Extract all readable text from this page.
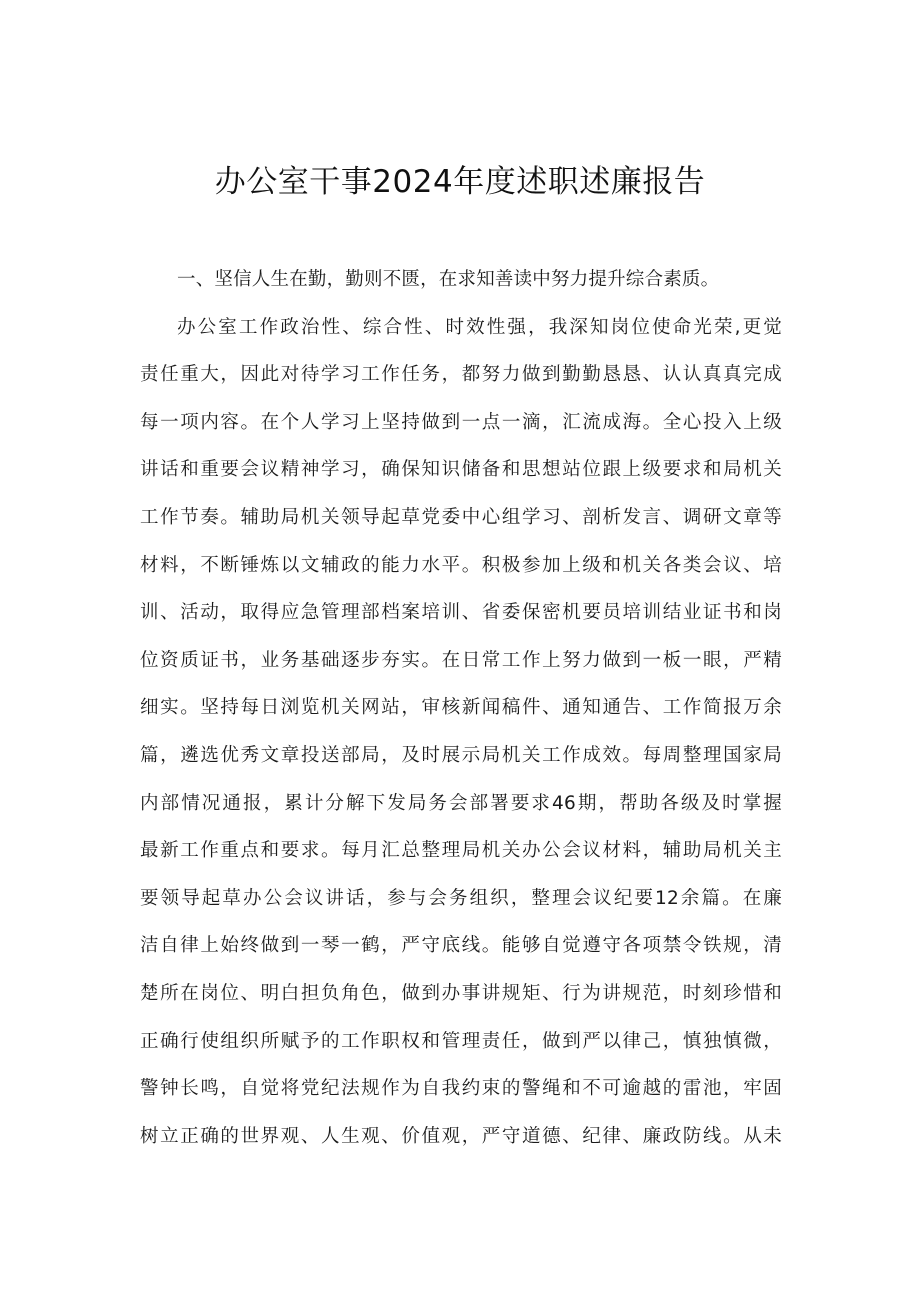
办公室干事2024年度述职述廉报告
一、坚信人生在勤，勤则不匮，在求知善读中努力提升综合素质。
办公室工作政治性、综合性、时效性强，我深知岗位使命光荣,更觉
责任重大，因此对待学习工作任务，都努力做到勤勤恳恳、认认真真完成
每一项内容。在个人学习上坚持做到一点一滴，汇流成海。全心投入上级
讲话和重要会议精神学习，确保知识储备和思想站位跟上级要求和局机关
工作节奏。辅助局机关领导起草党委中心组学习、剖析发言、调研文章等
材料，不断锤炼以文辅政的能力水平。积极参加上级和机关各类会议、培
训、活动，取得应急管理部档案培训、省委保密机要员培训结业证书和岗
位资质证书，业务基础逐步夯实。在日常工作上努力做到一板一眼，严精
细实。坚持每日浏览机关网站，审核新闻稿件、通知通告、工作简报万余
篇，遴选优秀文章投送部局，及时展示局机关工作成效。每周整理国家局
内部情况通报，累计分解下发局务会部署要求46期，帮助各级及时掌握
最新工作重点和要求。每月汇总整理局机关办公会议材料，辅助局机关主
要领导起草办公会议讲话，参与会务组织，整理会议纪要12余篇。在廉
洁自律上始终做到一琴一鹤，严守底线。能够自觉遵守各项禁令铁规，清
楚所在岗位、明白担负角色，做到办事讲规矩、行为讲规范，时刻珍惜和
正确行使组织所赋予的工作职权和管理责任，做到严以律己，慎独慎微，
警钟长鸣，自觉将党纪法规作为自我约束的警绳和不可逾越的雷池，牢固
树立正确的世界观、人生观、价值观，严守道德、纪律、廉政防线。从未
